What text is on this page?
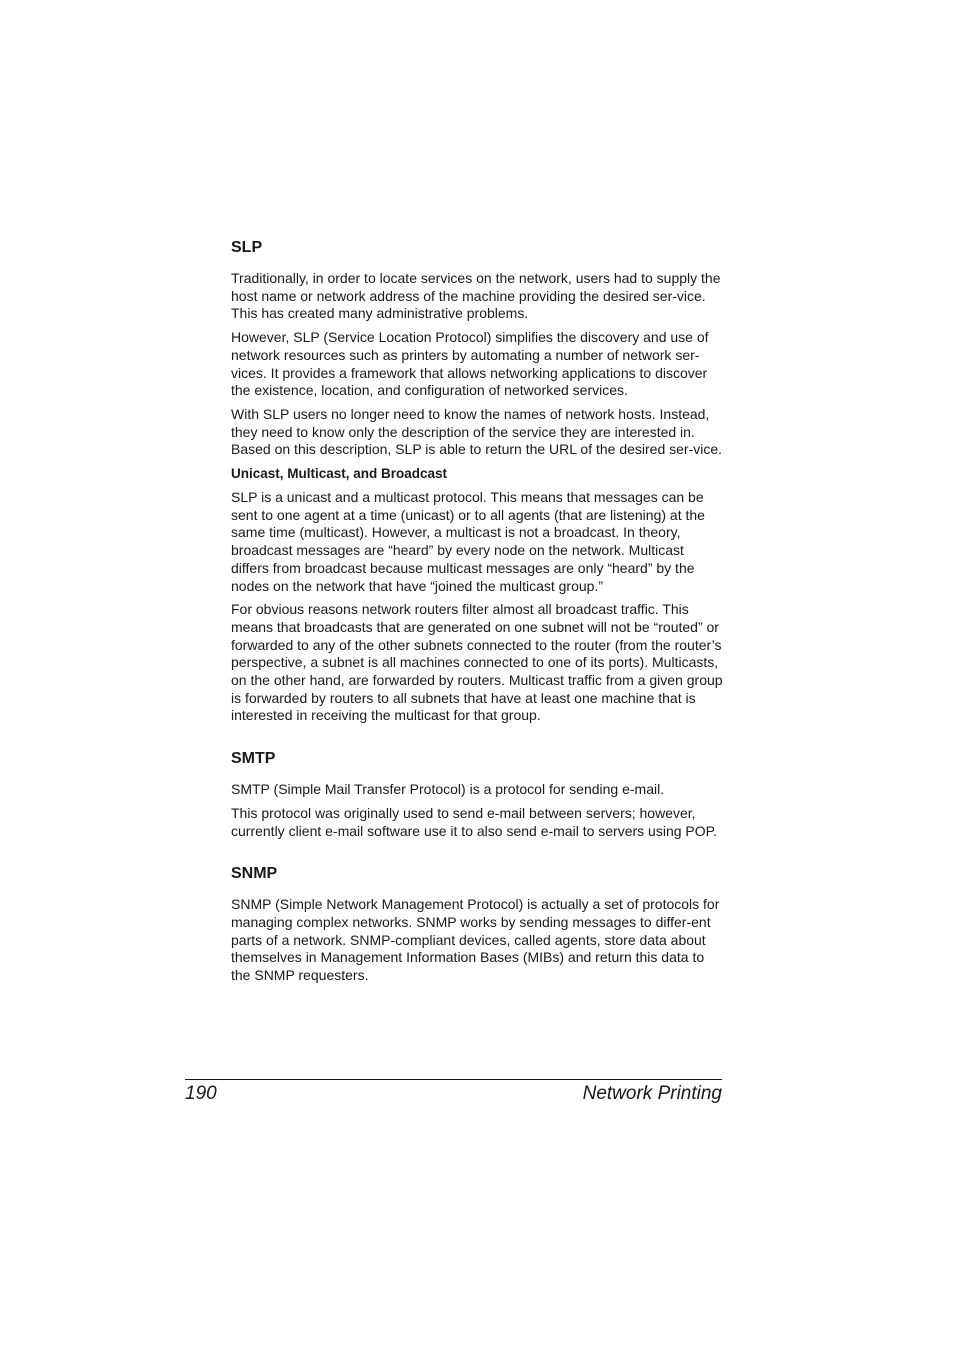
SLP

Traditionally, in order to locate services on the network, users had to supply the host name or network address of the machine providing the desired ser-vice. This has created many administrative problems.

However, SLP (Service Location Protocol) simplifies the discovery and use of network resources such as printers by automating a number of network ser-vices. It provides a framework that allows networking applications to discover the existence, location, and configuration of networked services.

With SLP users no longer need to know the names of network hosts. Instead, they need to know only the description of the service they are interested in. Based on this description, SLP is able to return the URL of the desired ser-vice.

Unicast, Multicast, and Broadcast

SLP is a unicast and a multicast protocol. This means that messages can be sent to one agent at a time (unicast) or to all agents (that are listening) at the same time (multicast). However, a multicast is not a broadcast. In theory, broadcast messages are “heard” by every node on the network. Multicast differs from broadcast because multicast messages are only “heard” by the nodes on the network that have “joined the multicast group.”

For obvious reasons network routers filter almost all broadcast traffic. This means that broadcasts that are generated on one subnet will not be “routed” or forwarded to any of the other subnets connected to the router (from the router’s perspective, a subnet is all machines connected to one of its ports). Multicasts, on the other hand, are forwarded by routers. Multicast traffic from a given group is forwarded by routers to all subnets that have at least one machine that is interested in receiving the multicast for that group.

SMTP

SMTP (Simple Mail Transfer Protocol) is a protocol for sending e-mail.

This protocol was originally used to send e-mail between servers; however, currently client e-mail software use it to also send e-mail to servers using POP.

SNMP

SNMP (Simple Network Management Protocol) is actually a set of protocols for managing complex networks. SNMP works by sending messages to differ-ent parts of a network. SNMP-compliant devices, called agents, store data about themselves in Management Information Bases (MIBs) and return this data to the SNMP requesters.

190	Network Printing
